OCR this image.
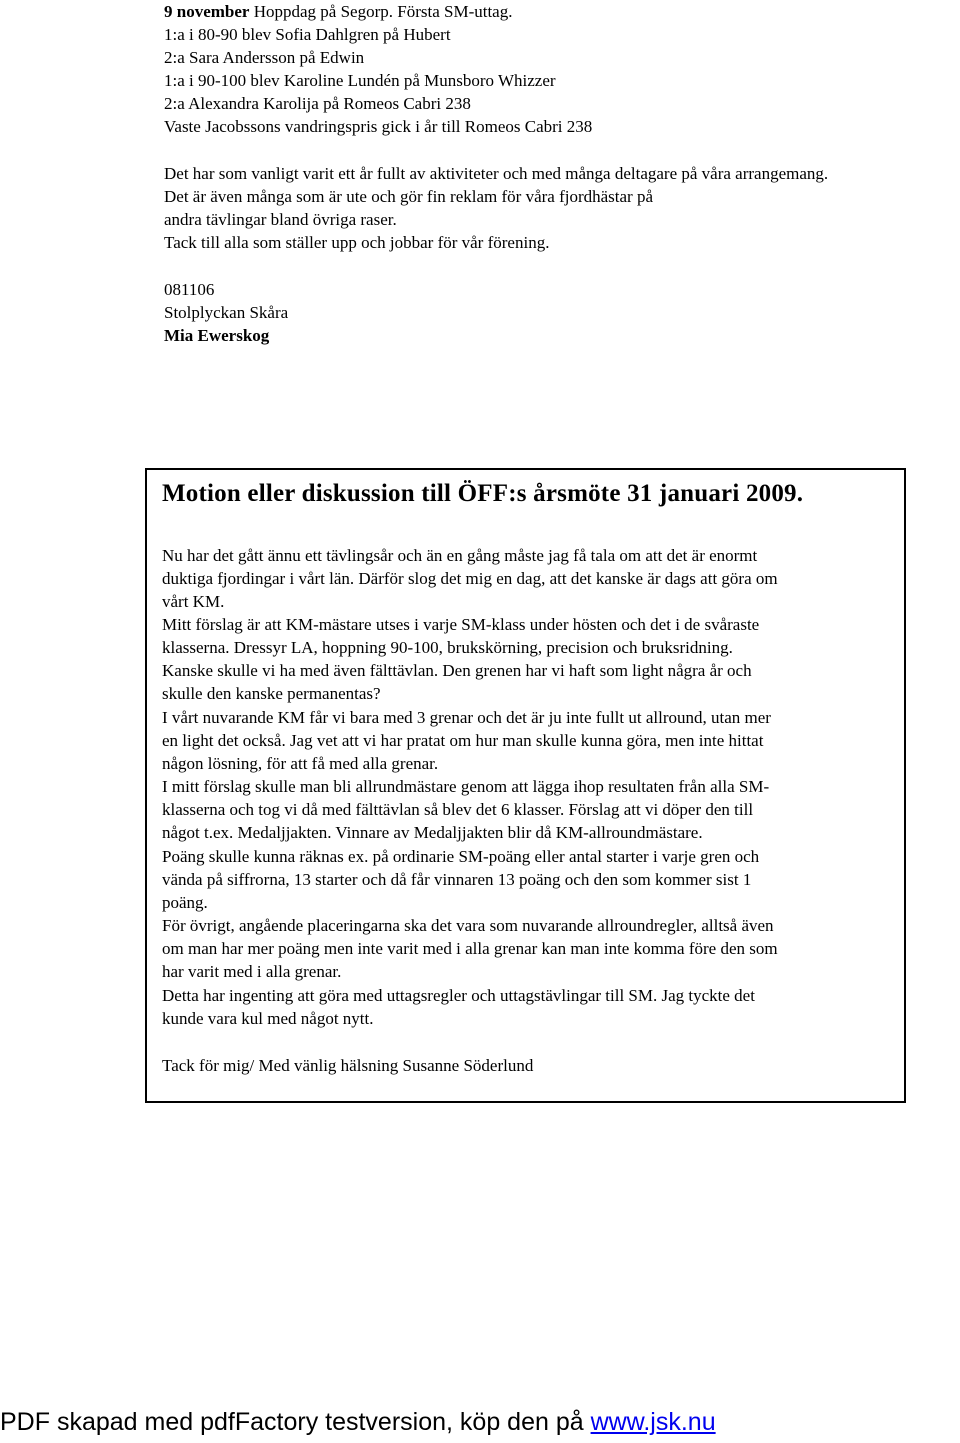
9 november Hoppdag på Segorp. Första SM-uttag.
1:a i 80-90 blev Sofia Dahlgren på Hubert
2:a Sara Andersson på Edwin
1:a i 90-100 blev Karoline Lundén på Munsboro Whizzer
2:a Alexandra Karolija på Romeos Cabri 238
Vaste Jacobssons vandringspris gick i år till Romeos Cabri 238
Det har som vanligt varit ett år fullt av aktiviteter och med många deltagare på våra arrangemang.
Det är även många som är ute och gör fin reklam för våra fjordhästar på
andra tävlingar bland övriga raser.
Tack till alla som ställer upp och jobbar för vår förening.
081106
Stolplyckan Skåra
Mia Ewerskog
Motion eller diskussion till ÖFF:s årsmöte 31 januari 2009.
Nu har det gått ännu ett tävlingsår och än en gång måste jag få tala om att det är enormt
duktiga fjordingar i vårt län. Därför slog det mig en dag, att det kanske är dags att göra om
vårt KM.
Mitt förslag är att KM-mästare utses i varje SM-klass under hösten och det i de svåraste
klasserna. Dressyr LA, hoppning 90-100, brukskörning, precision och bruksridning.
Kanske skulle vi ha med även fälttävlan. Den grenen har vi haft som light några år och
skulle den kanske permanentas?
I vårt nuvarande KM får vi bara med 3 grenar och det är ju inte fullt ut allround, utan mer
en light det också. Jag vet att vi har pratat om hur man skulle kunna göra, men inte hittat
någon lösning, för att få med alla grenar.
I mitt förslag skulle man bli allrundmästare genom att lägga ihop resultaten från alla SM-
klasserna och tog vi då med fälttävlan så blev det 6 klasser. Förslag att vi döper den till
något t.ex. Medaljjakten. Vinnare av Medaljjakten blir då KM-allroundmästare.
Poäng skulle kunna räknas ex. på ordinarie SM-poäng eller antal starter i varje gren och
vända på siffrorna, 13 starter och då får vinnaren 13 poäng och den som kommer sist 1
poäng.
För övrigt, angående placeringarna ska det vara som nuvarande allroundregler, alltså även
om man har mer poäng men inte varit med i alla grenar kan man inte komma före den som
har varit med i alla grenar.
Detta har ingenting att göra med uttagsregler och uttagstävlingar till SM. Jag tyckte det
kunde vara kul med något nytt.
Tack för mig/ Med vänlig hälsning Susanne Söderlund
PDF skapad med pdfFactory testversion, köp den på www.jsk.nu
